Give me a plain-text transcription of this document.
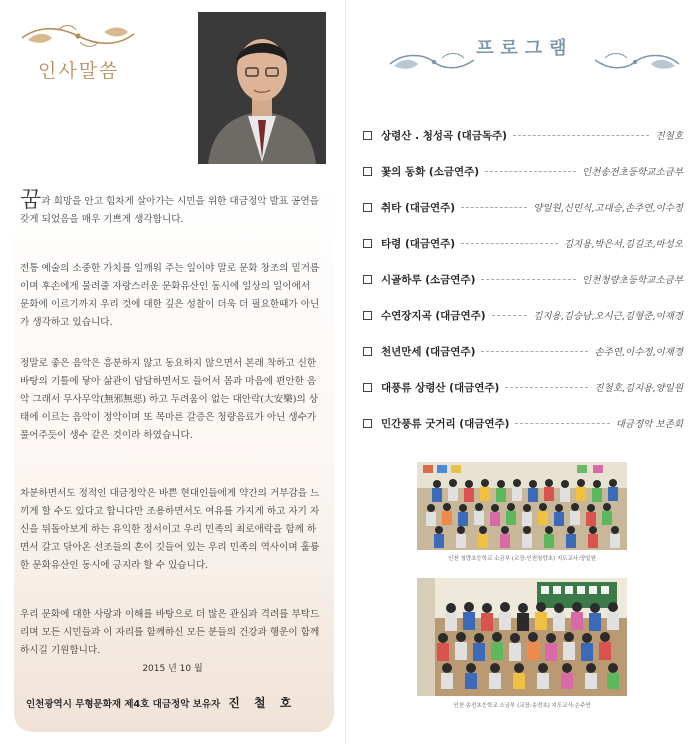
인사말씀

꿈과 희망을 안고 힘차게 살아가는 시민을 위한 대금정악 발표 공연을 갖게 되었음을 매우 기쁘게 생각합니다.

전통 예술의 소중한 가치를 일깨워 주는 일이야 말로 문화 창조의 밑거름이며 후손에게 물려줄 자랑스러운 문화유산인 동시에 일상의 일이에서 문화에 이르기까지 우리 것에 대한 깊은 성찰이 더욱 더 필요한때가 아닌가 생각하고 있습니다.

정말로 좋은 음악은 흥분하지 않고 동요하지 않으면서 본래 착하고 신한 바탕의 기틀에 닿아 삶관이 담담하면서도 들어서 몸과 마음에 편안한 음악 그래서 무사무악(無邪無惡) 하고 두려움이 없는 대안락(大安樂)의 상태에 이르는 음악이 정악이며 또 목마른 갈증은 청량음료가 아닌 생수가 풀어주듯이 생수 같은 것이라 하였습니다.

차분하면서도 정적인 대금정악은 바쁜 현대인들에게 약간의 거부감을 느끼게 할 수도 있다고 합니다만 조용하면서도 여유를 가지게 하고 자기 자신을 뒤돌아보게 하는 유익한 정서이고 우리 민족의 최로애락을 함께 하면서 갈고 닦아온 선조들의 혼이 깃들어 있는 우리 민족의 역사이며 훌륭한 문화유산인 동시에 긍지라 할 수 있습니다.

우리 문화에 대한 사랑과 이해를 바탕으로 더 많은 관심과 격려를 부탁드리며 모든 시민들과 이 자리를 함께하신 모든 분들의 건강과 행운이 함께 하시길 기원합니다.

2015 년 10 월
인천광역시 무형문화재 제4호 대금정악 보유자 진 철 호
프로그램
상령산 . 청성곡 (대금독주)	진철호
꽃의 동화 (소금연주)	인천송전초등학교소금부
취타 (대금연주)	양일원,신민식,고대승,손주연,이수정
타령 (대금연주)	김지용,박은서,김길조,마성오
시골하루 (소금연주)	인천청량초등학교소금부
수연장지곡 (대금연주)	김지용,김승남,오시근,김형준,이재경
천년만세 (대금연주)	손주연,이수정,이재경
대풍류 상령산 (대금연주)	진철호,김지용,양일원
민간풍류 굿거리 (대금연주)	대금정악 보존회
인천 청량초등학교 소금부 (교장:인천청량초) 지도교사:양일원
인천 송전초등학교 소금부 (교장:송전초) 지도교사:손주연
